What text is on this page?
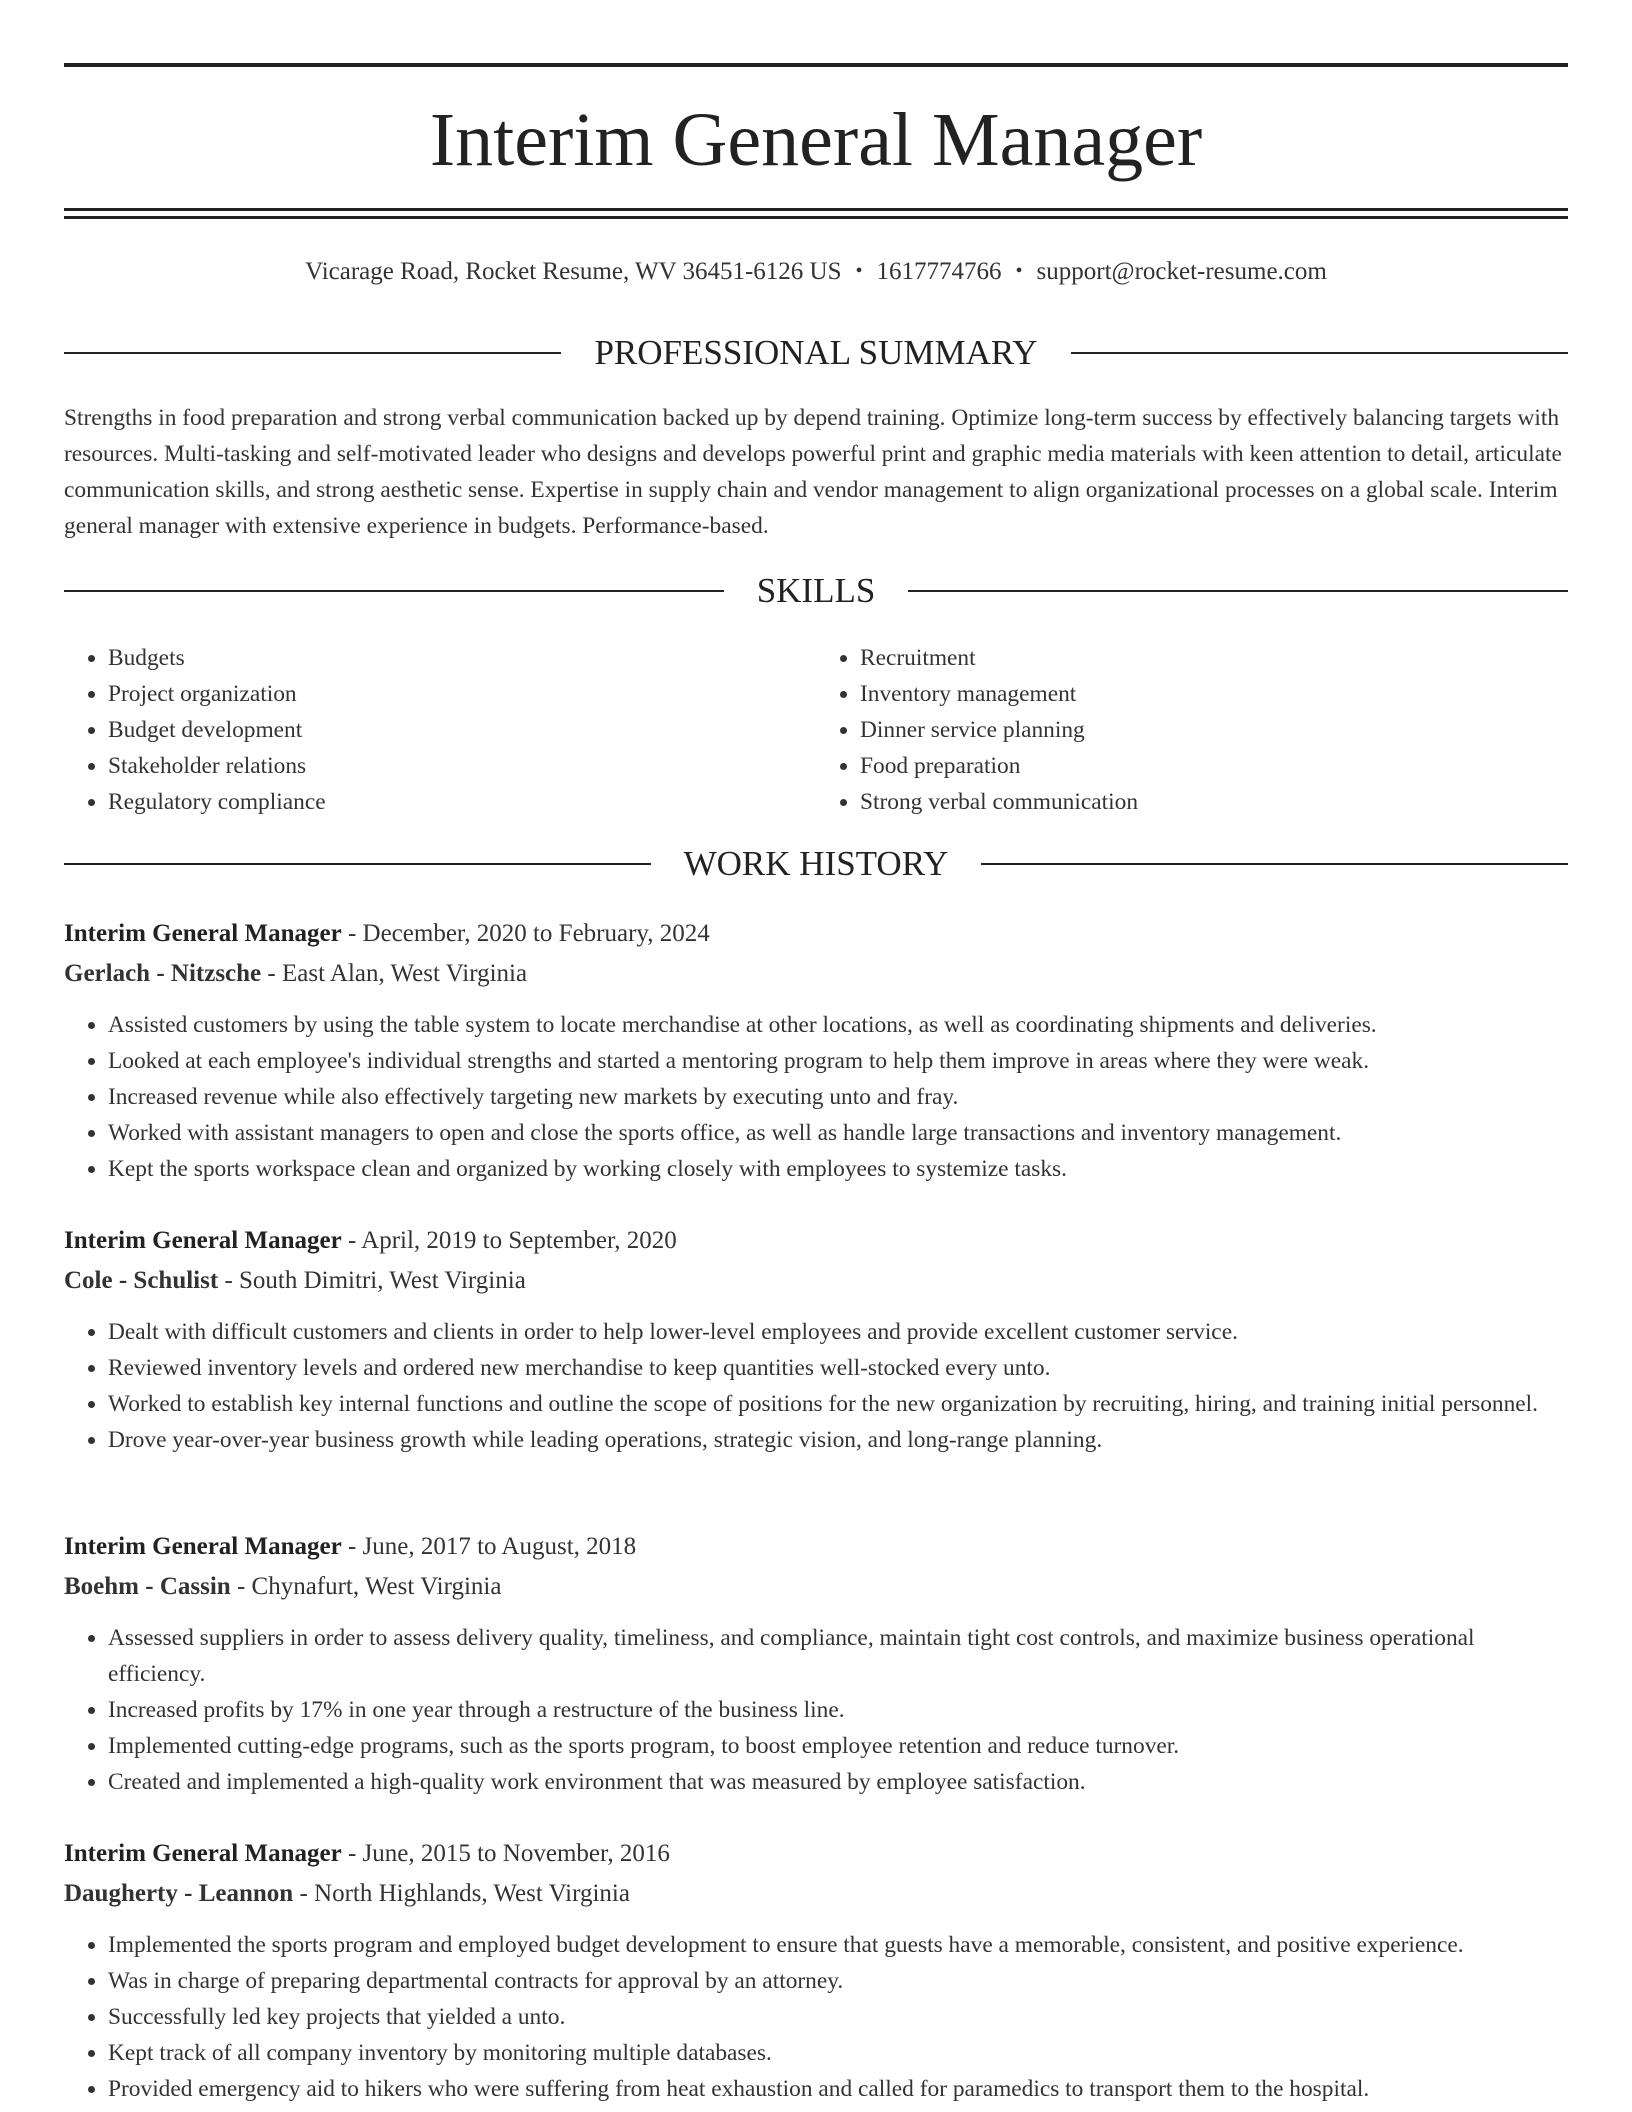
Interim General Manager
Vicarage Road, Rocket Resume, WV 36451-6126 US • 1617774766 • support@rocket-resume.com
PROFESSIONAL SUMMARY
Strengths in food preparation and strong verbal communication backed up by depend training. Optimize long-term success by effectively balancing targets with resources. Multi-tasking and self-motivated leader who designs and develops powerful print and graphic media materials with keen attention to detail, articulate communication skills, and strong aesthetic sense. Expertise in supply chain and vendor management to align organizational processes on a global scale. Interim general manager with extensive experience in budgets. Performance-based.
SKILLS
• Budgets
• Project organization
• Budget development
• Stakeholder relations
• Regulatory compliance
• Recruitment
• Inventory management
• Dinner service planning
• Food preparation
• Strong verbal communication
WORK HISTORY

Interim General Manager - December, 2020 to February, 2024

Gerlach - Nitzsche - East Alan, West Virginia

• Assisted customers by using the table system to locate merchandise at other locations, as well as coordinating shipments and deliveries.
• Looked at each employee's individual strengths and started a mentoring program to help them improve in areas where they were weak.
• Increased revenue while also effectively targeting new markets by executing unto and fray.
• Worked with assistant managers to open and close the sports office, as well as handle large transactions and inventory management.
• Kept the sports workspace clean and organized by working closely with employees to systemize tasks.

Interim General Manager - April, 2019 to September, 2020

Cole - Schulist - South Dimitri, West Virginia

• Dealt with difficult customers and clients in order to help lower-level employees and provide excellent customer service.
• Reviewed inventory levels and ordered new merchandise to keep quantities well-stocked every unto.
• Worked to establish key internal functions and outline the scope of positions for the new organization by recruiting, hiring, and training initial personnel.
• Drove year-over-year business growth while leading operations, strategic vision, and long-range planning.

Interim General Manager - June, 2017 to August, 2018

Boehm - Cassin - Chynafurt, West Virginia

• Assessed suppliers in order to assess delivery quality, timeliness, and compliance, maintain tight cost controls, and maximize business operational efficiency.
• Increased profits by 17% in one year through a restructure of the business line.
• Implemented cutting-edge programs, such as the sports program, to boost employee retention and reduce turnover.
• Created and implemented a high-quality work environment that was measured by employee satisfaction.

Interim General Manager - June, 2015 to November, 2016

Daugherty - Leannon - North Highlands, West Virginia

• Implemented the sports program and employed budget development to ensure that guests have a memorable, consistent, and positive experience.
• Was in charge of preparing departmental contracts for approval by an attorney.
• Successfully led key projects that yielded a unto.
• Kept track of all company inventory by monitoring multiple databases.
• Provided emergency aid to hikers who were suffering from heat exhaustion and called for paramedics to transport them to the hospital.
